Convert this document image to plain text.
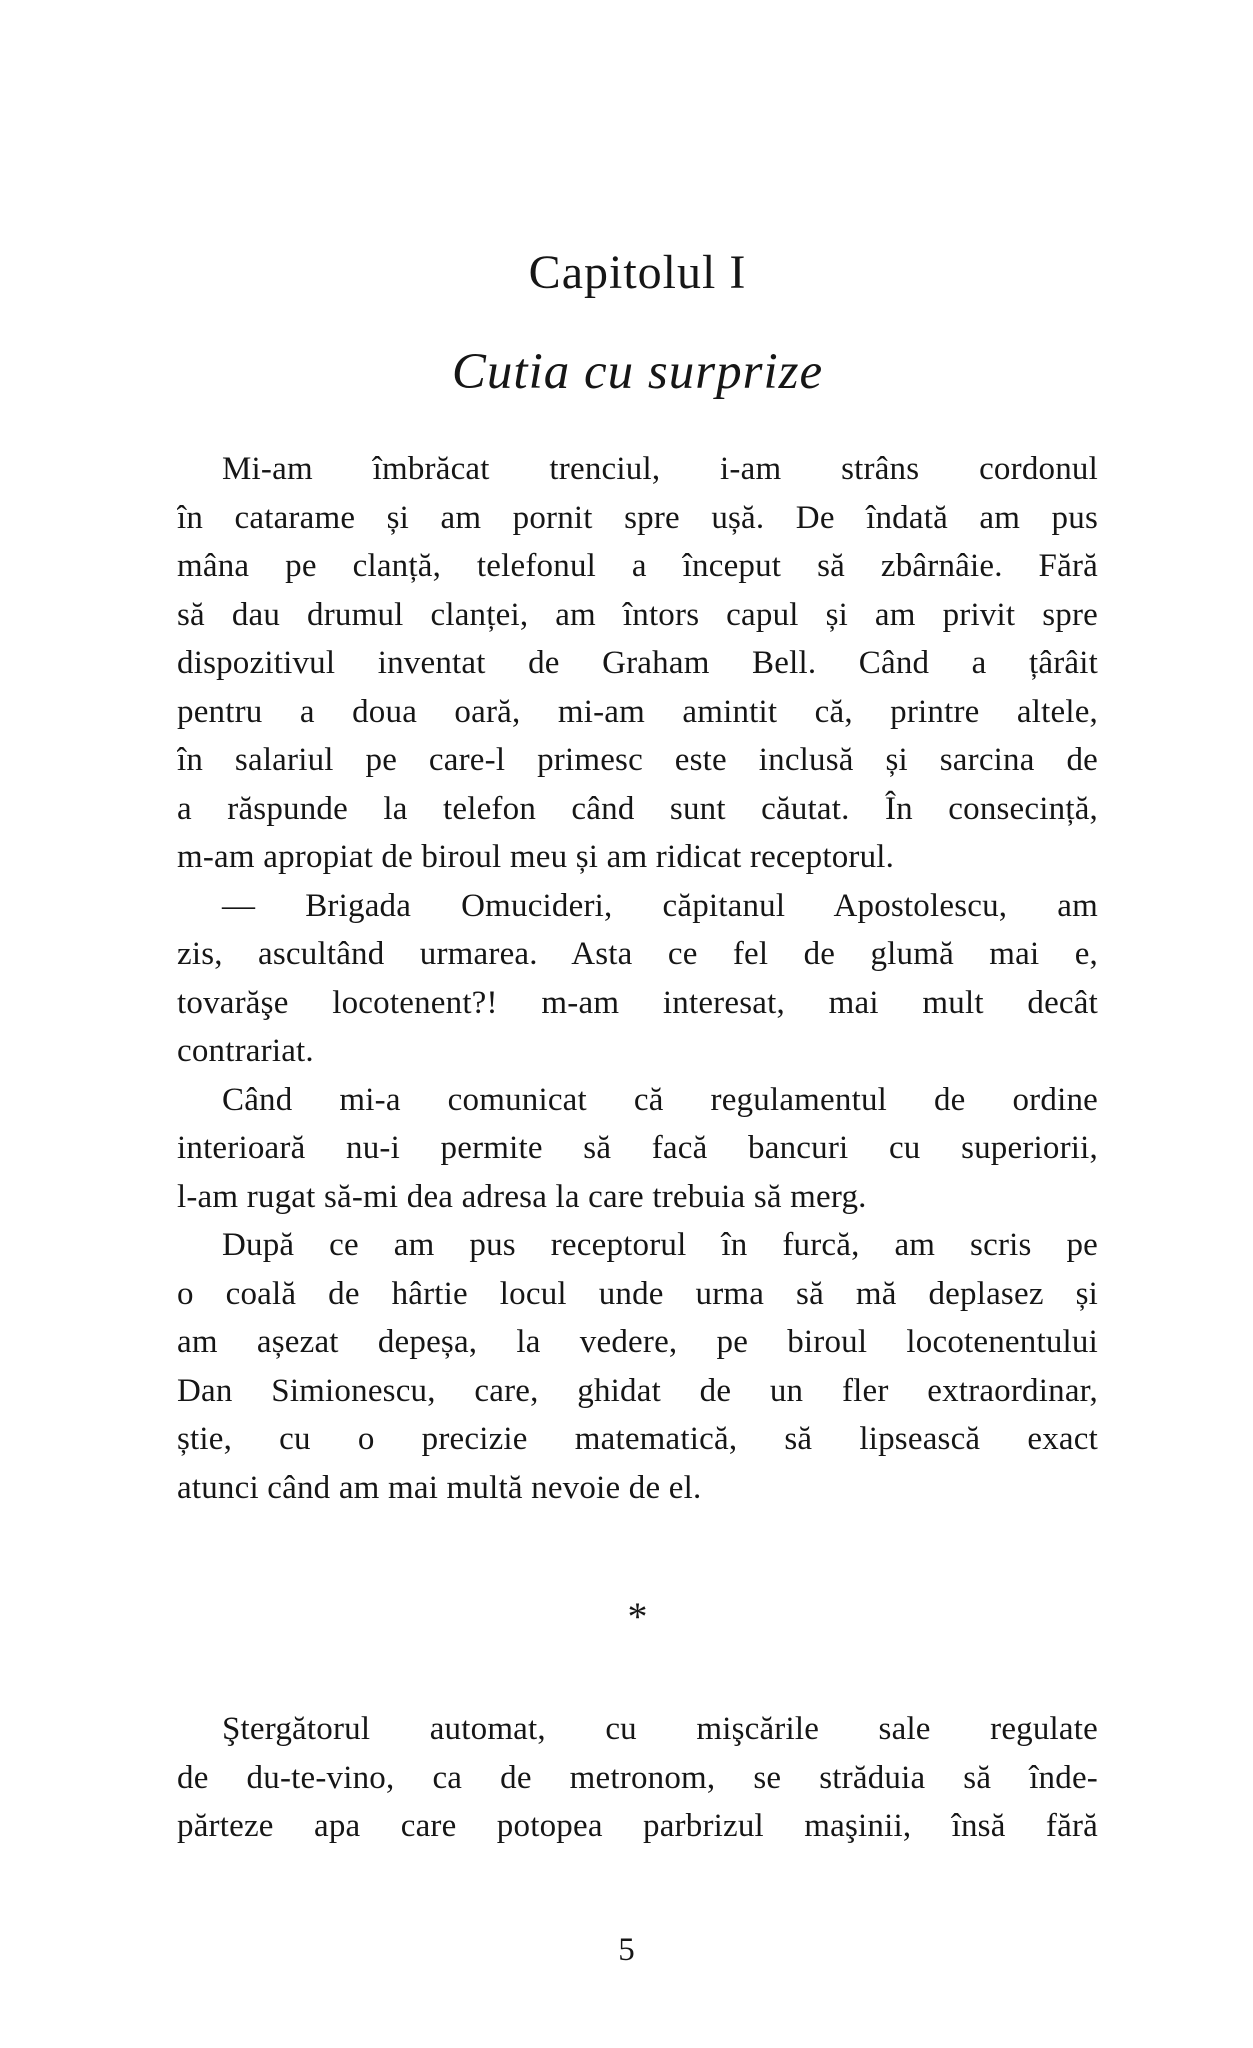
Capitolul I
Cutia cu surprize
Mi-am îmbrăcat trenciul, i-am strâns cordonul
în catarame și am pornit spre ușă. De îndată am pus
mâna pe clanță, telefonul a început să zbârnâie. Fără
să dau drumul clanței, am întors capul și am privit spre
dispozitivul inventat de Graham Bell. Când a țârâit
pentru a doua oară, mi-am amintit că, printre altele,
în salariul pe care-l primesc este inclusă și sarcina de
a răspunde la telefon când sunt căutat. În consecință,
m-am apropiat de biroul meu și am ridicat receptorul.
— Brigada Omucideri, căpitanul Apostolescu, am
zis, ascultând urmarea. Asta ce fel de glumă mai e,
tovarăşe locotenent?! m-am interesat, mai mult decât
contrariat.
Când mi-a comunicat că regulamentul de ordine
interioară nu-i permite să facă bancuri cu superiorii,
l-am rugat să-mi dea adresa la care trebuia să merg.
După ce am pus receptorul în furcă, am scris pe
o coală de hârtie locul unde urma să mă deplasez și
am așezat depeșa, la vedere, pe biroul locotenentului
Dan Simionescu, care, ghidat de un fler extraordinar,
știe, cu o precizie matematică, să lipsească exact
atunci când am mai multă nevoie de el.
*
Ştergătorul automat, cu mişcările sale regulate
de du-te-vino, ca de metronom, se străduia să înde-
părteze apa care potopea parbrizul maşinii, însă fără
5
